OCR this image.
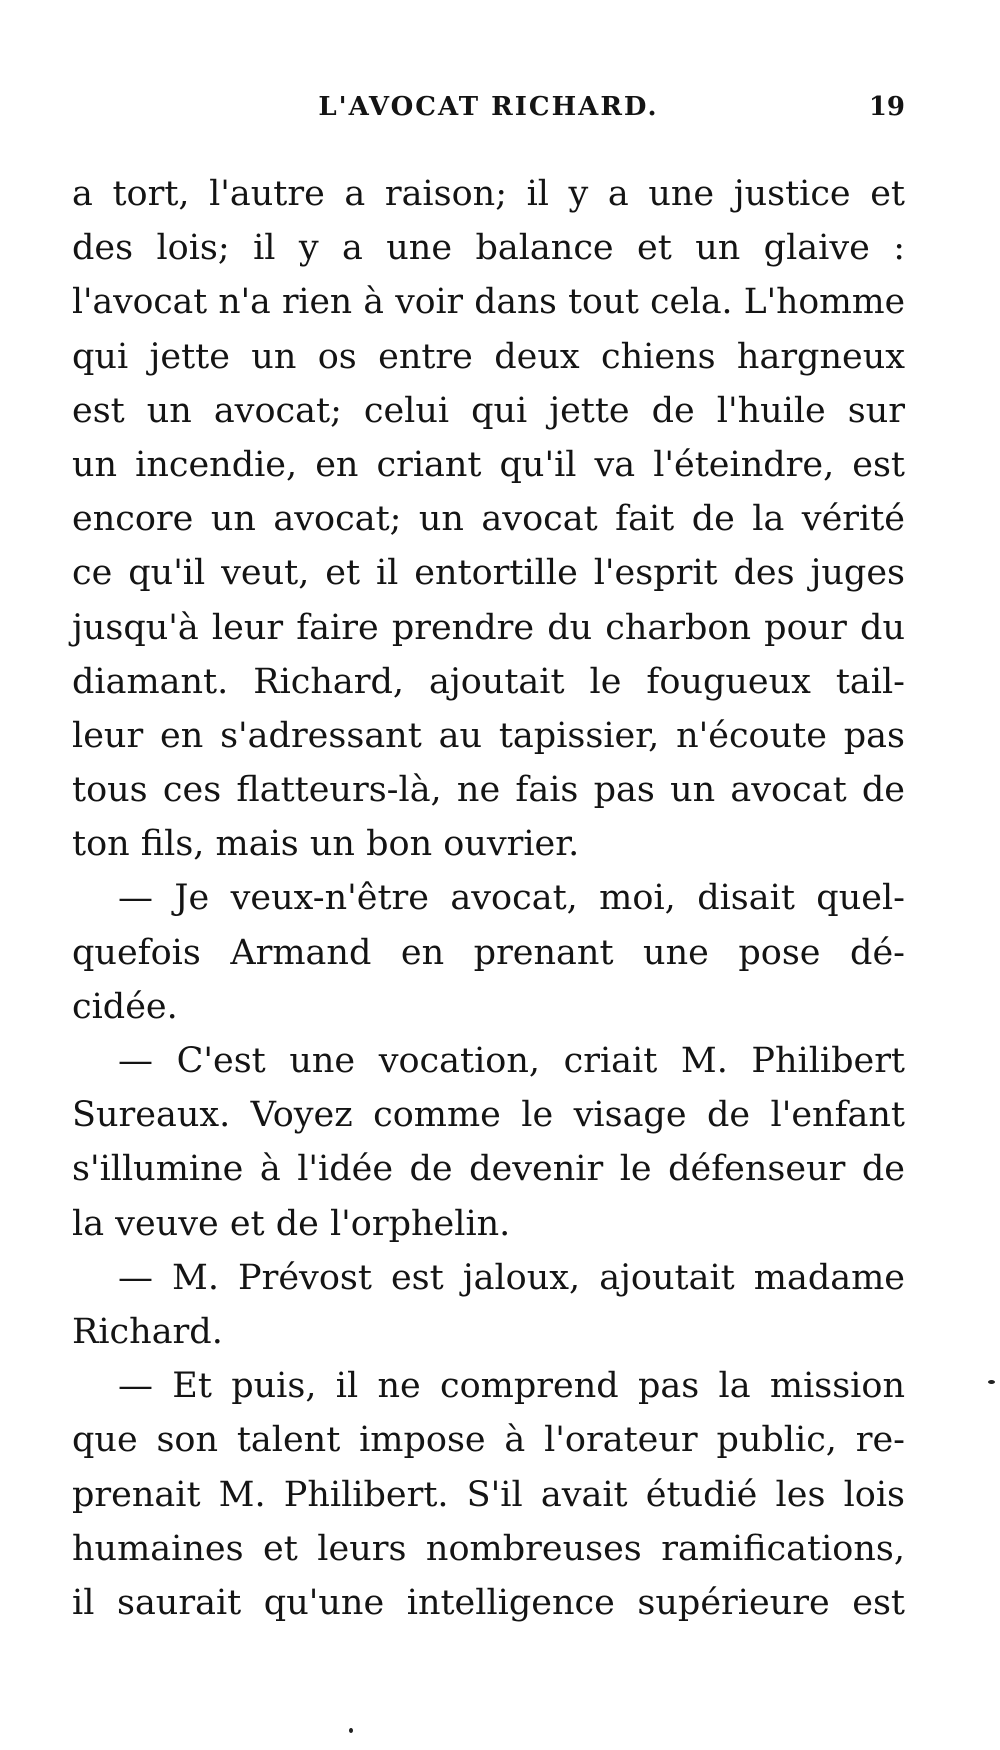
L'AVOCAT RICHARD.	19
a tort, l'autre a raison; il y a une justice et
des lois; il y a une balance et un glaive :
l'avocat n'a rien à voir dans tout cela. L'homme
qui jette un os entre deux chiens hargneux
est un avocat; celui qui jette de l'huile sur
un incendie, en criant qu'il va l'éteindre, est
encore un avocat; un avocat fait de la vérité
ce qu'il veut, et il entortille l'esprit des juges
jusqu'à leur faire prendre du charbon pour du
diamant. Richard, ajoutait le fougueux tail-
leur en s'adressant au tapissier, n'écoute pas
tous ces flatteurs-là, ne fais pas un avocat de
ton fils, mais un bon ouvrier.
— Je veux-n'être avocat, moi, disait quel-
quefois Armand en prenant une pose dé-
cidée.
— C'est une vocation, criait M. Philibert
Sureaux. Voyez comme le visage de l'enfant
s'illumine à l'idée de devenir le défenseur de
la veuve et de l'orphelin.
— M. Prévost est jaloux, ajoutait madame
Richard.
— Et puis, il ne comprend pas la mission
que son talent impose à l'orateur public, re-
prenait M. Philibert. S'il avait étudié les lois
humaines et leurs nombreuses ramifications,
il saurait qu'une intelligence supérieure est
